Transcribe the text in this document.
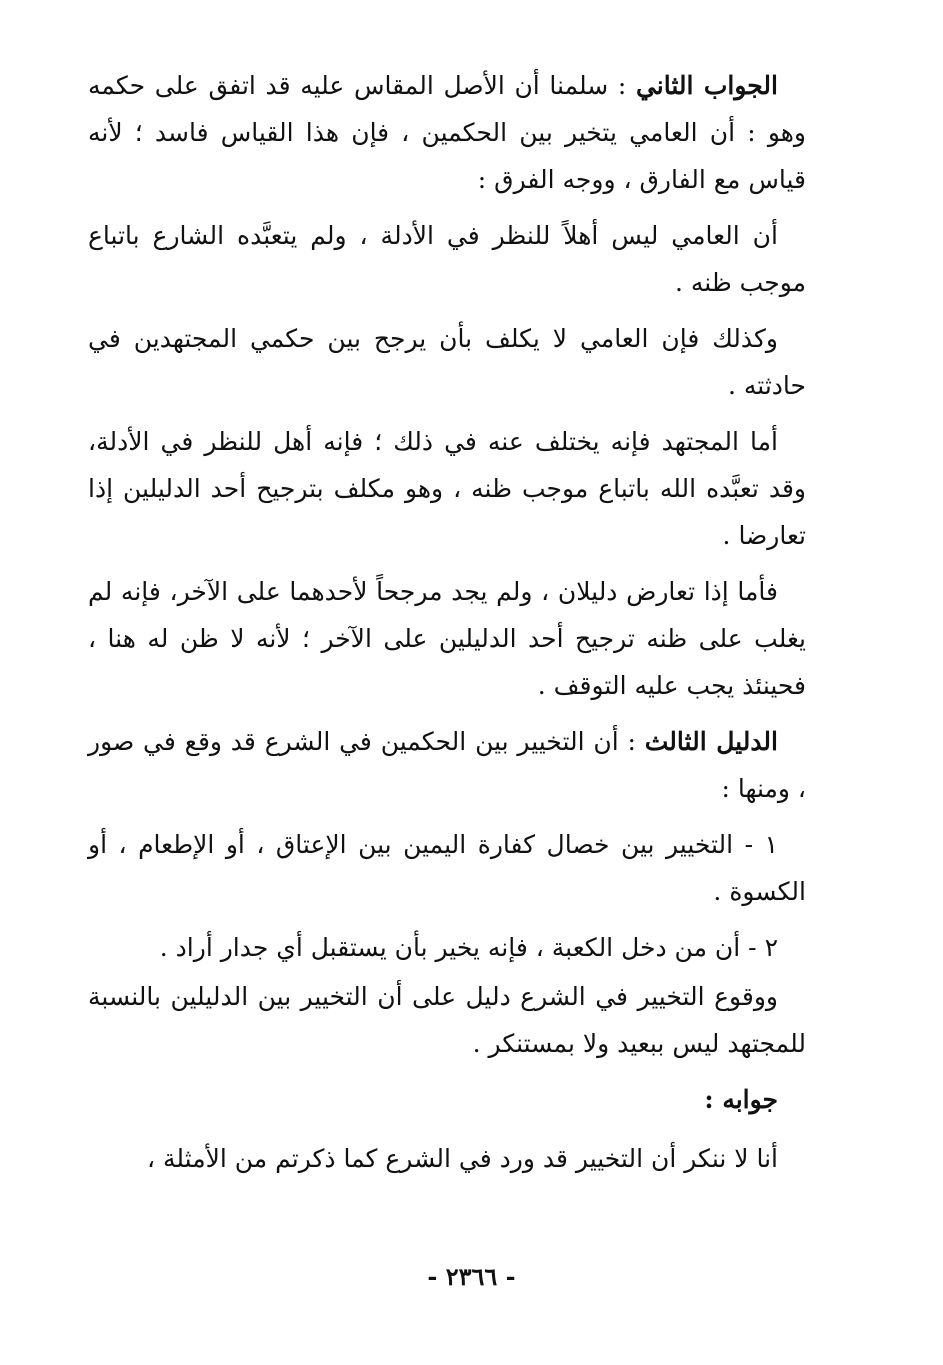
الجواب الثاني : سلمنا أن الأصل المقاس عليه قد اتفق على حكمه وهو : أن العامي يتخير بين الحكمين ، فإن هذا القياس فاسد ؛ لأنه قياس مع الفارق ، ووجه الفرق :

أن العامي ليس أهلاً للنظر في الأدلة ، ولم يتعبَّده الشارع باتباع موجب ظنه .

وكذلك فإن العامي لا يكلف بأن يرجح بين حكمي المجتهدين في حادثته .

أما المجتهد فإنه يختلف عنه في ذلك ؛ فإنه أهل للنظر في الأدلة، وقد تعبَّده الله باتباع موجب ظنه ، وهو مكلف بترجيح أحد الدليلين إذا تعارضا .

فأما إذا تعارض دليلان ، ولم يجد مرجحاً لأحدهما على الآخر، فإنه لم يغلب على ظنه ترجيح أحد الدليلين على الآخر ؛ لأنه لا ظن له هنا ، فحينئذ يجب عليه التوقف .

الدليل الثالث : أن التخيير بين الحكمين في الشرع قد وقع في صور ، ومنها :

١ - التخيير بين خصال كفارة اليمين بين الإعتاق ، أو الإطعام ، أو الكسوة .

٢ - أن من دخل الكعبة ، فإنه يخير بأن يستقبل أي جدار أراد .

ووقوع التخيير في الشرع دليل على أن التخيير بين الدليلين بالنسبة للمجتهد ليس ببعيد ولا بمستنكر .

جوابه :

أنا لا ننكر أن التخيير قد ورد في الشرع كما ذكرتم من الأمثلة ،

- ٢٣٦٦ -
